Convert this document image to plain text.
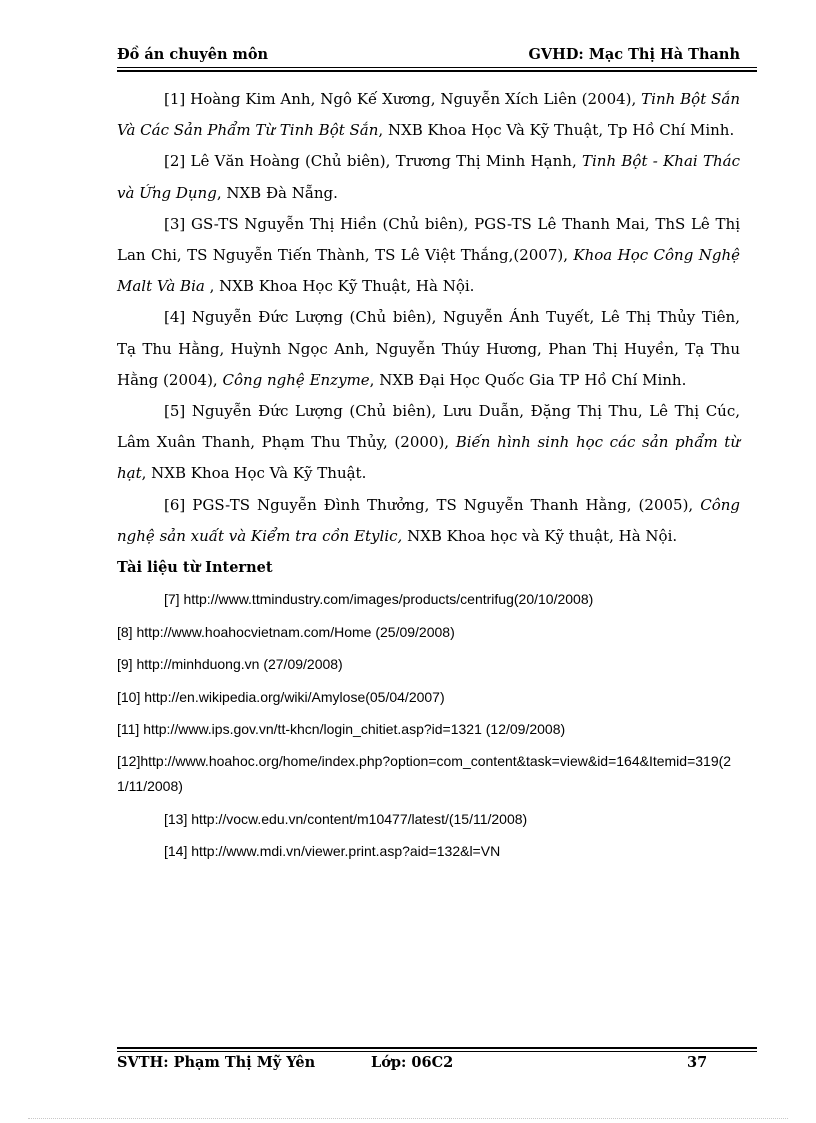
Đồ án chuyên môn	GVHD: Mạc Thị Hà Thanh

[1] Hoàng Kim Anh, Ngô Kế Xương, Nguyễn Xích Liên (2004), Tinh Bột Sắn Và Các Sản Phẩm Từ Tinh Bột Sắn, NXB Khoa Học Và Kỹ Thuật, Tp Hồ Chí Minh.

[2] Lê Văn Hoàng (Chủ biên), Trương Thị Minh Hạnh, Tinh Bột - Khai Thác và Ứng Dụng, NXB Đà Nẵng.

[3] GS-TS Nguyễn Thị Hiền (Chủ biên), PGS-TS Lê Thanh Mai, ThS Lê Thị Lan Chi, TS Nguyễn Tiến Thành, TS Lê Việt Thắng,(2007), Khoa Học Công Nghệ Malt Và Bia , NXB Khoa Học Kỹ Thuật, Hà Nội.

[4] Nguyễn Đức Lượng (Chủ biên), Nguyễn Ánh Tuyết, Lê Thị Thủy Tiên, Tạ Thu Hằng, Huỳnh Ngọc Anh, Nguyễn Thúy Hương, Phan Thị Huyền, Tạ Thu Hằng (2004), Công nghệ Enzyme, NXB Đại Học Quốc Gia TP Hồ Chí Minh.

[5] Nguyễn Đức Lượng (Chủ biên), Lưu Duẫn, Đặng Thị Thu, Lê Thị Cúc, Lâm Xuân Thanh, Phạm Thu Thủy, (2000), Biến hình sinh học các sản phẩm từ hạt, NXB Khoa Học Và Kỹ Thuật.

[6] PGS-TS Nguyễn Đình Thưởng, TS Nguyễn Thanh Hằng, (2005), Công nghệ sản xuất và Kiểm tra cồn Etylic, NXB Khoa học và Kỹ thuật, Hà Nội.

Tài liệu từ Internet

[7] http://www.ttmindustry.com/images/products/centrifug(20/10/2008)

[8] http://www.hoahocvietnam.com/Home (25/09/2008)

[9] http://minhduong.vn (27/09/2008)

[10] http://en.wikipedia.org/wiki/Amylose(05/04/2007)

[11] http://www.ips.gov.vn/tt-khcn/login_chitiet.asp?id=1321 (12/09/2008)

[12]http://www.hoahoc.org/home/index.php?option=com_content&task=view&id=164&Itemid=319(21/11/2008)

[13] http://vocw.edu.vn/content/m10477/latest/(15/11/2008)

[14] http://www.mdi.vn/viewer.print.asp?aid=132&l=VN

SVTH: Phạm Thị Mỹ Yên	Lớp: 06C2	37
